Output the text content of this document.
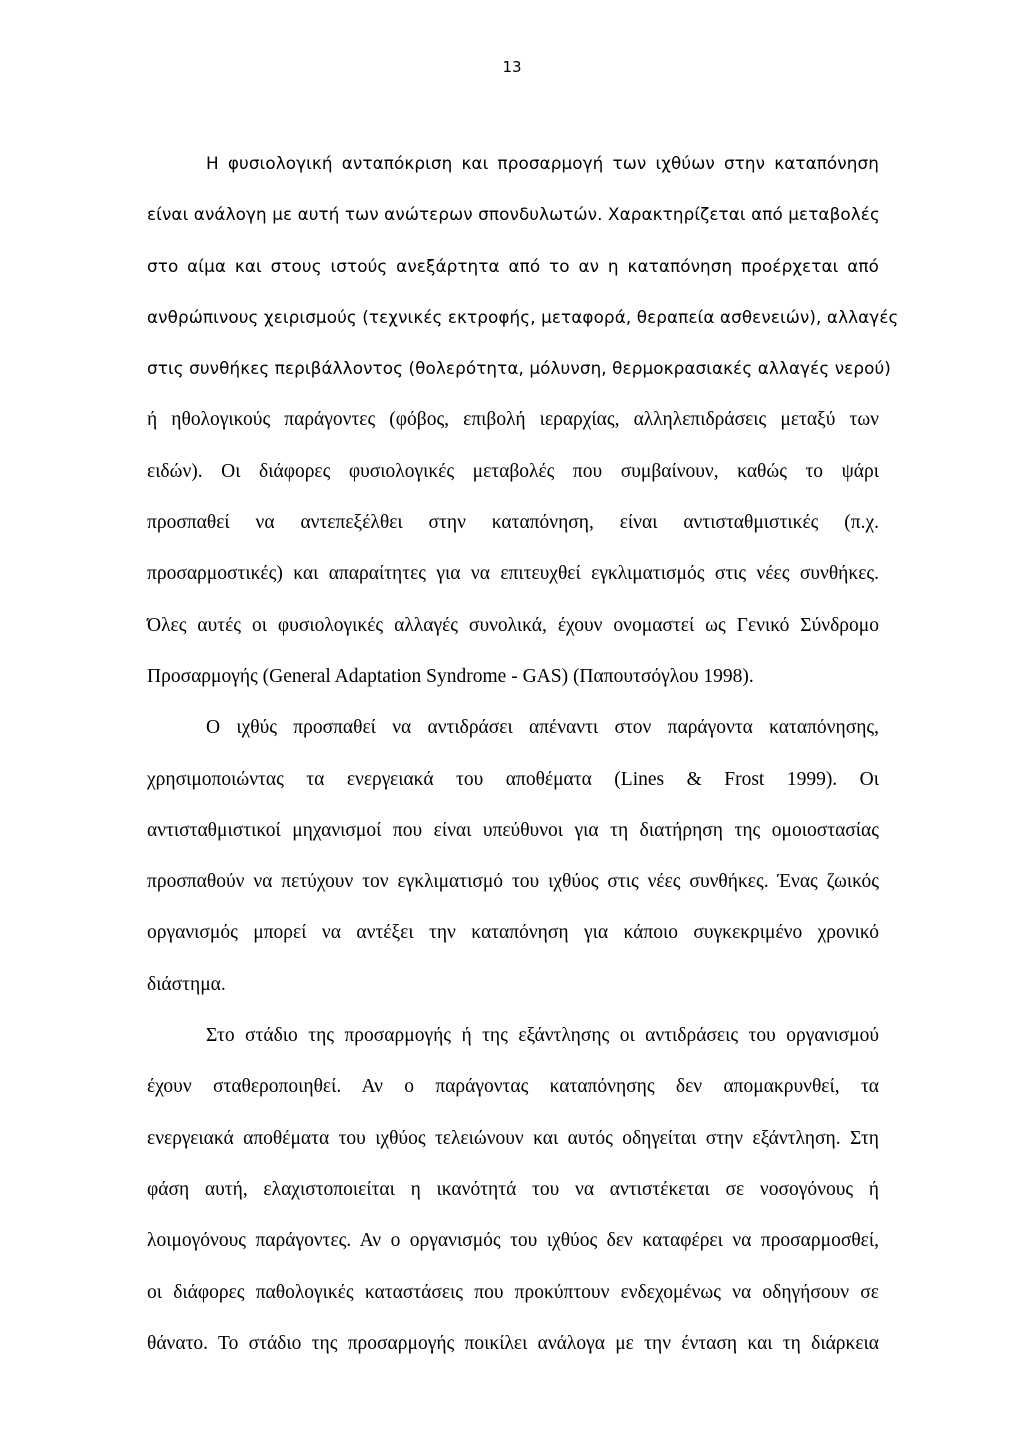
13
Η φυσιολογική ανταπόκριση και προσαρμογή των ιχθύων στην καταπόνηση
είναι ανάλογη με αυτή των ανώτερων σπονδυλωτών. Χαρακτηρίζεται από μεταβολές
στο αίμα και στους ιστούς ανεξάρτητα από το αν η καταπόνηση προέρχεται από
ανθρώπινους χειρισμούς (τεχνικές εκτροφής, μεταφορά, θεραπεία ασθενειών), αλλαγές
στις συνθήκες περιβάλλοντος (θολερότητα, μόλυνση, θερμοκρασιακές αλλαγές νερού)
ή ηθολογικούς παράγοντες (φόβος, επιβολή ιεραρχίας, αλληλεπιδράσεις μεταξύ των
ειδών). Οι διάφορες φυσιολογικές μεταβολές που συμβαίνουν, καθώς το ψάρι
προσπαθεί να αντεπεξέλθει στην καταπόνηση, είναι αντισταθμιστικές (π.χ.
προσαρμοστικές) και απαραίτητες για να επιτευχθεί εγκλιματισμός στις νέες συνθήκες.
Όλες αυτές οι φυσιολογικές αλλαγές συνολικά, έχουν ονομαστεί ως Γενικό Σύνδρομο
Προσαρμογής (General Adaptation Syndrome - GAS) (Παπουτσόγλου 1998).
Ο ιχθύς προσπαθεί να αντιδράσει απέναντι στον παράγοντα καταπόνησης,
χρησιμοποιώντας τα ενεργειακά του αποθέματα (Lines & Frost 1999). Οι
αντισταθμιστικοί μηχανισμοί που είναι υπεύθυνοι για τη διατήρηση της ομοιοστασίας
προσπαθούν να πετύχουν τον εγκλιματισμό του ιχθύος στις νέες συνθήκες. Ένας ζωικός
οργανισμός μπορεί να αντέξει την καταπόνηση για κάποιο συγκεκριμένο χρονικό
διάστημα.
Στο στάδιο της προσαρμογής ή της εξάντλησης οι αντιδράσεις του οργανισμού
έχουν σταθεροποιηθεί. Αν ο παράγοντας καταπόνησης δεν απομακρυνθεί, τα
ενεργειακά αποθέματα του ιχθύος τελειώνουν και αυτός οδηγείται στην εξάντληση. Στη
φάση αυτή, ελαχιστοποιείται η ικανότητά του να αντιστέκεται σε νοσογόνους ή
λοιμογόνους παράγοντες. Αν ο οργανισμός του ιχθύος δεν καταφέρει να προσαρμοσθεί,
οι διάφορες παθολογικές καταστάσεις που προκύπτουν ενδεχομένως να οδηγήσουν σε
θάνατο. Το στάδιο της προσαρμογής ποικίλει ανάλογα με την ένταση και τη διάρκεια
